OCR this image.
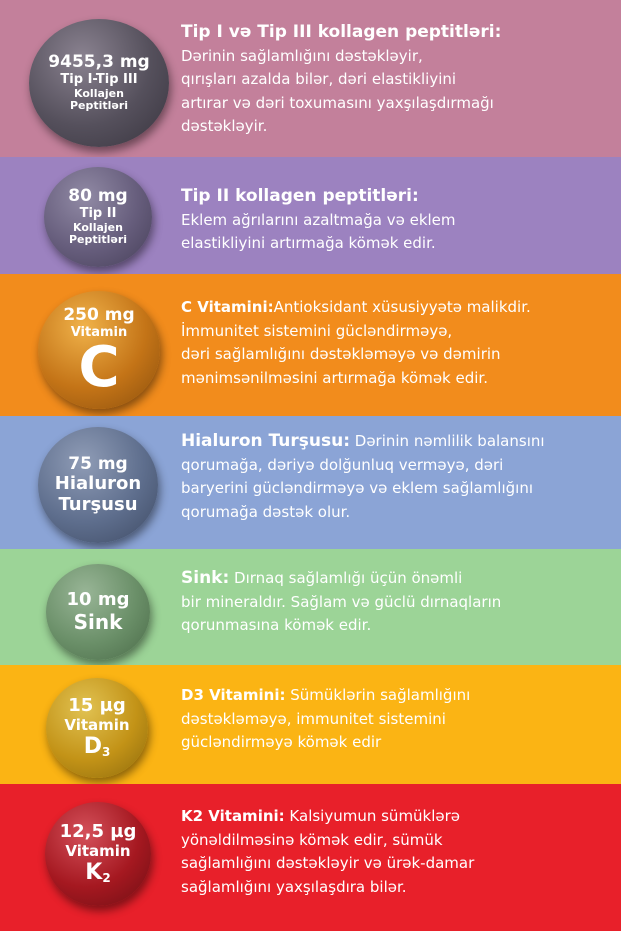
9455,3 mg
Tip I-Tip III
Kollajen
Peptitləri
Tip I və Tip III kollagen peptitləri:
Dərinin sağlamlığını dəstəkləyir,
qırışları azalda bilər, dəri elastikliyini
artırar və dəri toxumasını yaxşılaşdırmağı
dəstəkləyir.
80 mg
Tip II
Kollajen
Peptitləri
Tip II kollagen peptitləri:
Eklem ağrılarını azaltmağa və eklem
elastikliyini artırmağa kömək edir.
250 mg
Vitamin
C
C Vitamini:Antioksidant xüsusiyyətə malikdir.
İmmunitet sistemini gücləndirməyə,
dəri sağlamlığını dəstəkləməyə və dəmirin
mənimsənilməsini artırmağa kömək edir.
75 mg
Hialuron
Turşusu
Hialuron Turşusu: Dərinin nəmlilik balansını
qorumağa, dəriyə dolğunluq verməyə, dəri
baryerini gücləndirməyə və eklem sağlamlığını
qorumağa dəstək olur.
10 mg
Sink
Sink: Dırnaq sağlamlığı üçün önəmli
bir mineraldır. Sağlam və güclü dırnaqların
qorunmasına kömək edir.
15 µg
Vitamin
$D_3$
D3 Vitamini: Sümüklərin sağlamlığını
dəstəkləməyə, immunitet sistemini
gücləndirməyə kömək edir
12,5 µg
Vitamin
$K_2$
K2 Vitamini: Kalsiyumun sümüklərə
yönəldilməsinə kömək edir, sümük
sağlamlığını dəstəkləyir və ürək-damar
sağlamlığını yaxşılaşdıra bilər.
